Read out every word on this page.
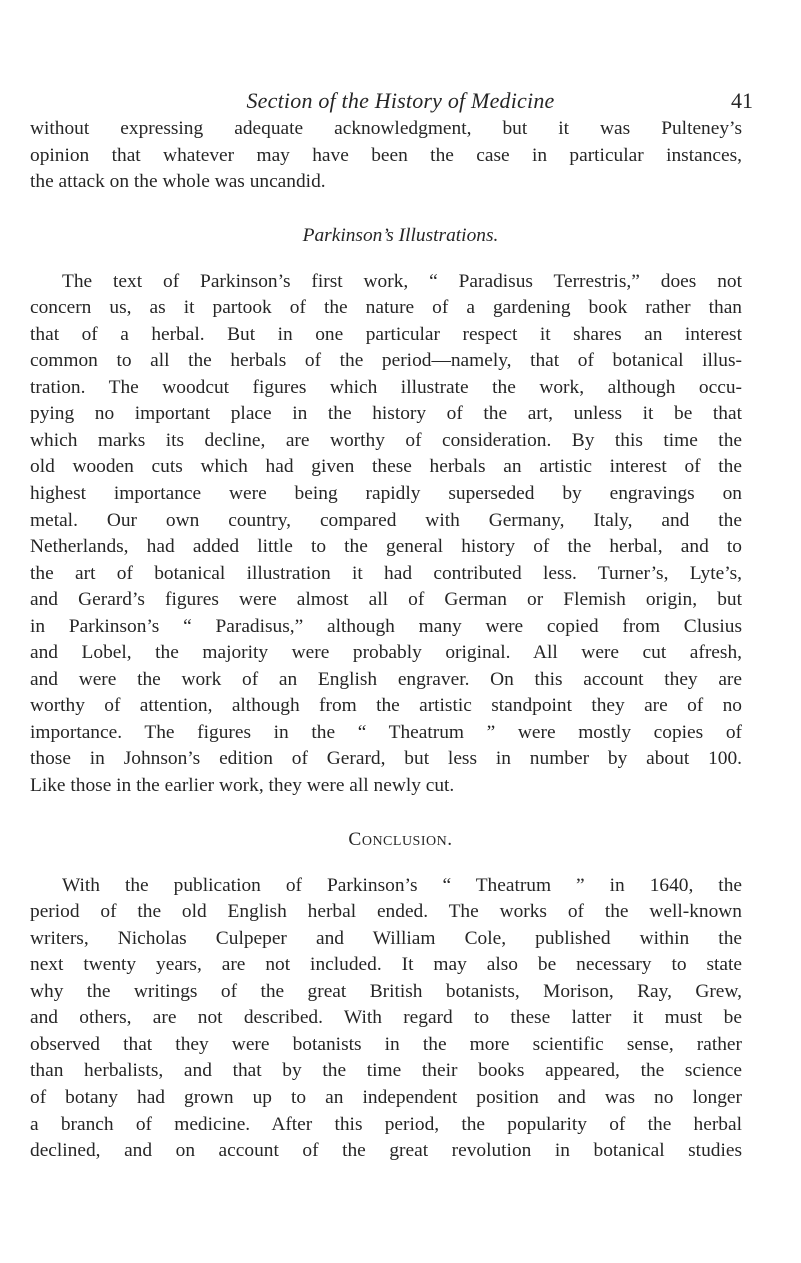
Section of the History of Medicine	41
without expressing adequate acknowledgment, but it was Pulteney’s
opinion that whatever may have been the case in particular instances,
the attack on the whole was uncandid.
Parkinson’s Illustrations.
The text of Parkinson’s first work, “ Paradisus Terrestris,” does not
concern us, as it partook of the nature of a gardening book rather than
that of a herbal. But in one particular respect it shares an interest
common to all the herbals of the period—namely, that of botanical illus-
tration. The woodcut figures which illustrate the work, although occu-
pying no important place in the history of the art, unless it be that
which marks its decline, are worthy of consideration. By this time the
old wooden cuts which had given these herbals an artistic interest of the
highest importance were being rapidly superseded by engravings on
metal. Our own country, compared with Germany, Italy, and the
Netherlands, had added little to the general history of the herbal, and to
the art of botanical illustration it had contributed less. Turner’s, Lyte’s,
and Gerard’s figures were almost all of German or Flemish origin, but
in Parkinson’s “ Paradisus,” although many were copied from Clusius
and Lobel, the majority were probably original. All were cut afresh,
and were the work of an English engraver. On this account they are
worthy of attention, although from the artistic standpoint they are of no
importance. The figures in the “ Theatrum ” were mostly copies of
those in Johnson’s edition of Gerard, but less in number by about 100.
Like those in the earlier work, they were all newly cut.
Conclusion.
With the publication of Parkinson’s “ Theatrum ” in 1640, the
period of the old English herbal ended. The works of the well-known
writers, Nicholas Culpeper and William Cole, published within the
next twenty years, are not included. It may also be necessary to state
why the writings of the great British botanists, Morison, Ray, Grew,
and others, are not described. With regard to these latter it must be
observed that they were botanists in the more scientific sense, rather
than herbalists, and that by the time their books appeared, the science
of botany had grown up to an independent position and was no longer
a branch of medicine. After this period, the popularity of the herbal
declined, and on account of the great revolution in botanical studies
